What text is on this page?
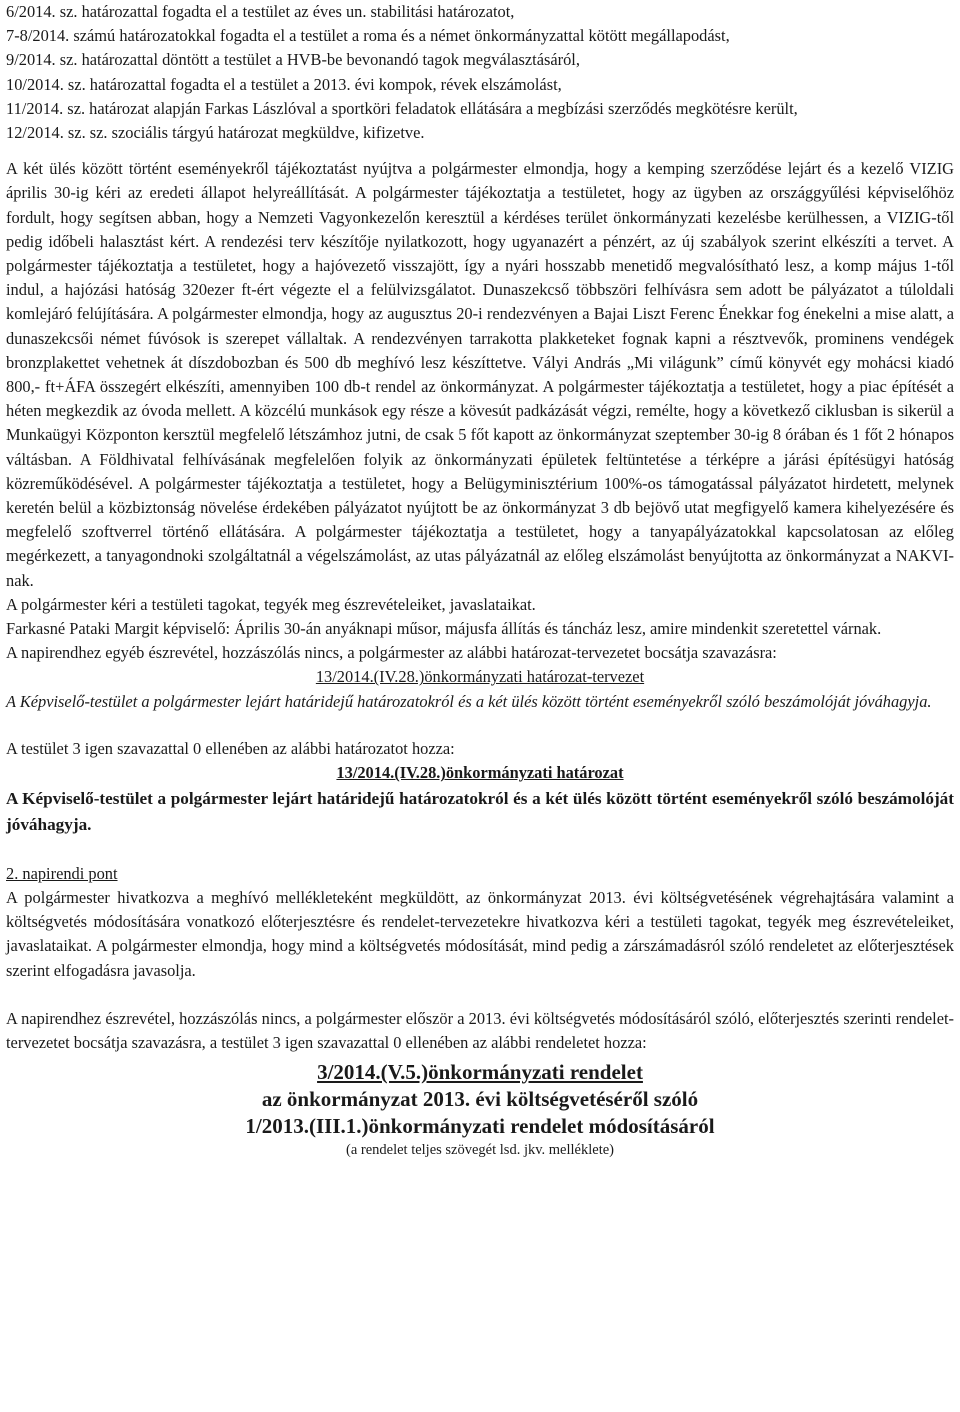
6/2014. sz. határozattal fogadta el a testület az éves un. stabilitási határozatot,

7-8/2014. számú határozatokkal fogadta el a testület a roma és a német önkormányzattal kötött megállapodást,

9/2014. sz. határozattal döntött a testület a HVB-be bevonandó tagok megválasztásáról,

10/2014. sz. határozattal fogadta el a testület a 2013. évi kompok, révek elszámolást,

11/2014. sz. határozat alapján Farkas Lászlóval a sportköri feladatok ellátására a megbízási szerződés megkötésre került,

12/2014. sz. sz. szociális tárgyú határozat megküldve, kifizetve.

A két ülés között történt eseményekről tájékoztatást nyújtva a polgármester elmondja, hogy a kemping szerződése lejárt és a kezelő VIZIG április 30-ig kéri az eredeti állapot helyreállítását. A polgármester tájékoztatja a testületet, hogy az ügyben az országgyűlési képviselőhöz fordult, hogy segítsen abban, hogy a Nemzeti Vagyonkezelőn keresztül a kérdéses terület önkormányzati kezelésbe kerülhessen, a VIZIG-től pedig időbeli halasztást kért. A rendezési terv készítője nyilatkozott, hogy ugyanazért a pénzért, az új szabályok szerint elkészíti a tervet. A polgármester tájékoztatja a testületet, hogy a hajóvezető visszajött, így a nyári hosszabb menetidő megvalósítható lesz, a komp május 1-től indul, a hajózási hatóság 320ezer ft-ért végezte el a felülvizsgálatot. Dunaszekcső többszöri felhívásra sem adott be pályázatot a túloldali komlejáró felújítására. A polgármester elmondja, hogy az augusztus 20-i rendezvényen a Bajai Liszt Ferenc Énekkar fog énekelni a mise alatt, a dunaszekcsői német fúvósok is szerepet vállaltak. A rendezvényen tarrakotta plakketeket fognak kapni a résztvevők, prominens vendégek bronzplakettet vehetnek át díszdobozban és 500 db meghívó lesz készíttetve. Vályi András „Mi világunk” című könyvét egy mohácsi kiadó 800,- ft+ÁFA összegért elkészíti, amennyiben 100 db-t rendel az önkormányzat. A polgármester tájékoztatja a testületet, hogy a piac építését a héten megkezdik az óvoda mellett. A közcélú munkások egy része a kövesút padkázását végzi, remélte, hogy a következő ciklusban is sikerül a Munkaügyi Központon kersztül megfelelő létszámhoz jutni, de csak 5 főt kapott az önkormányzat szeptember 30-ig 8 órában és 1 főt 2 hónapos váltásban. A Földhivatal felhívásának megfelelően folyik az önkormányzati épületek feltüntetése a térképre a járási építésügyi hatóság közreműködésével. A polgármester tájékoztatja a testületet, hogy a Belügyminisztérium 100%-os támogatással pályázatot hirdetett, melynek keretén belül a közbiztonság növelése érdekében pályázatot nyújtott be az önkormányzat 3 db bejövő utat megfigyelő kamera kihelyezésére és megfelelő szoftverrel történő ellátására. A polgármester tájékoztatja a testületet, hogy a tanyapályázatokkal kapcsolatosan az előleg megérkezett, a tanyagondnoki szolgáltatnál a végelszámolást, az utas pályázatnál az előleg elszámolást benyújtotta az önkormányzat a NAKVI-nak.

A polgármester kéri a testületi tagokat, tegyék meg észrevételeiket, javaslataikat.

Farkasné Pataki Margit képviselő: Április 30-án anyáknapi műsor, májusfa állítás és táncház lesz, amire mindenkit szeretettel várnak.

A napirendhez egyéb észrevétel, hozzászólás nincs, a polgármester az alábbi határozat-tervezetet bocsátja szavazásra:

13/2014.(IV.28.)önkormányzati határozat-tervezet

A Képviselő-testület a polgármester lejárt határidejű határozatokról és a két ülés között történt eseményekről szóló beszámolóját jóváhagyja.

A testület 3 igen szavazattal 0 ellenében az alábbi határozatot hozza:

13/2014.(IV.28.)önkormányzati határozat

A Képviselő-testület a polgármester lejárt határidejű határozatokról és a két ülés között történt eseményekről szóló beszámolóját jóváhagyja.

2. napirendi pont

A polgármester hivatkozva a meghívó mellékleteként megküldött, az önkormányzat 2013. évi költségvetésének végrehajtására valamint a költségvetés módosítására vonatkozó előterjesztésre és rendelet-tervezetekre hivatkozva kéri a testületi tagokat, tegyék meg észrevételeiket, javaslataikat. A polgármester elmondja, hogy mind a költségvetés módosítását, mind pedig a zárszámadásról szóló rendeletet az előterjesztések szerint elfogadásra javasolja.

A napirendhez észrevétel, hozzászólás nincs, a polgármester először a 2013. évi költségvetés módosításáról szóló, előterjesztés szerinti rendelet-tervezetet bocsátja szavazásra, a testület 3 igen szavazattal 0 ellenében az alábbi rendeletet hozza:

3/2014.(V.5.)önkormányzati rendelet

az önkormányzat 2013. évi költségvetéséről szóló

1/2013.(III.1.)önkormányzati rendelet módosításáról

(a rendelet teljes szövegét lsd. jkv. melléklete)
